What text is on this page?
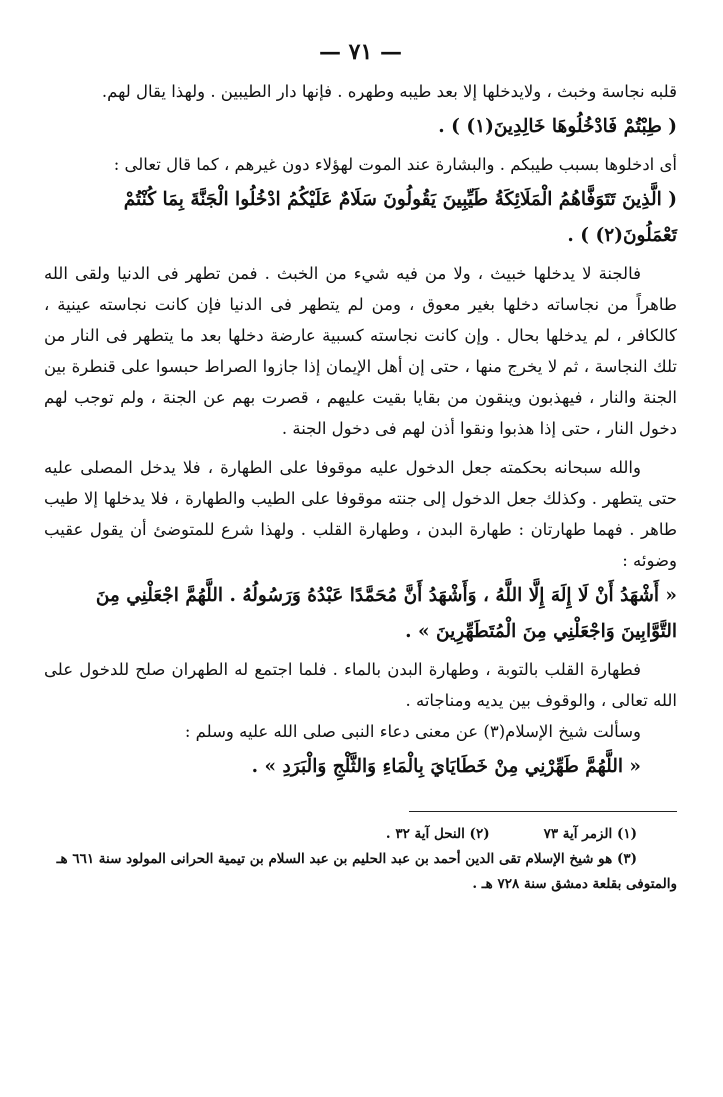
— ٧١ —

قلبه نجاسة وخبث ، ولايدخلها إلا بعد طيبه وطهره . فإنها دار الطيبين . ولهذا يقال لهم.

( طِبْتُمْ فَادْخُلُوهَا خَالِدِينَ(١) ) .

أى ادخلوها بسبب طيبكم . والبشارة عند الموت لهؤلاء دون غيرهم ، كما قال تعالى :

( الَّذِينَ تَتَوَفَّاهُمُ الْمَلَائِكَةُ طَيِّبِينَ يَقُولُونَ سَلَامٌ عَلَيْكُمُ ادْخُلُوا الْجَنَّةَ بِمَا كُنْتُمْ تَعْمَلُونَ(٢) ) .

فالجنة لا يدخلها خبيث ، ولا من فيه شيء من الخبث . فمن تطهر فى الدنيا ولقى الله طاهراً من نجاساته دخلها بغير معوق ، ومن لم يتطهر فى الدنيا فإن كانت نجاسته عينية ، كالكافر ، لم يدخلها بحال . وإن كانت نجاسته كسبية عارضة دخلها بعد ما يتطهر فى النار من تلك النجاسة ، ثم لا يخرج منها ، حتى إن أهل الإيمان إذا جازوا الصراط حبسوا على قنطرة بين الجنة والنار ، فيهذبون وينقون من بقايا بقيت عليهم ، قصرت بهم عن الجنة ، ولم توجب لهم دخول النار ، حتى إذا هذبوا ونقوا أذن لهم فى دخول الجنة .

والله سبحانه بحكمته جعل الدخول عليه موقوفا على الطهارة ، فلا يدخل المصلى عليه حتى يتطهر . وكذلك جعل الدخول إلى جنته موقوفا على الطيب والطهارة ، فلا يدخلها إلا طيب طاهر . فهما طهارتان : طهارة البدن ، وطهارة القلب . ولهذا شرع للمتوضئ أن يقول عقيب وضوئه :

« أَشْهَدُ أَنْ لَا إِلَهَ إِلَّا اللَّهُ ، وَأَشْهَدُ أَنَّ مُحَمَّدًا عَبْدُهُ وَرَسُولُهُ . اللَّهُمَّ اجْعَلْنِي مِنَ التَّوَّابِينَ وَاجْعَلْنِي مِنَ الْمُتَطَهِّرِينَ » .

فطهارة القلب بالتوبة ، وطهارة البدن بالماء . فلما اجتمع له الطهران صلح للدخول على الله تعالى ، والوقوف بين يديه ومناجاته .

وسألت شيخ الإسلام(٣) عن معنى دعاء النبى صلى الله عليه وسلم :

« اللَّهُمَّ طَهِّرْنِي مِنْ خَطَايَايَ بِالْمَاءِ وَالثَّلْجِ وَالْبَرَدِ » .

(١) الزمر آية ٧٣
(٢) النحل آية ٣٢ .
(٣) هو شيخ الإسلام تقى الدين أحمد بن عبد الحليم بن عبد السلام بن تيمية الحرانى المولود سنة ٦٦١ هـ
والمتوفى بقلعة دمشق سنة ٧٢٨ هـ .
